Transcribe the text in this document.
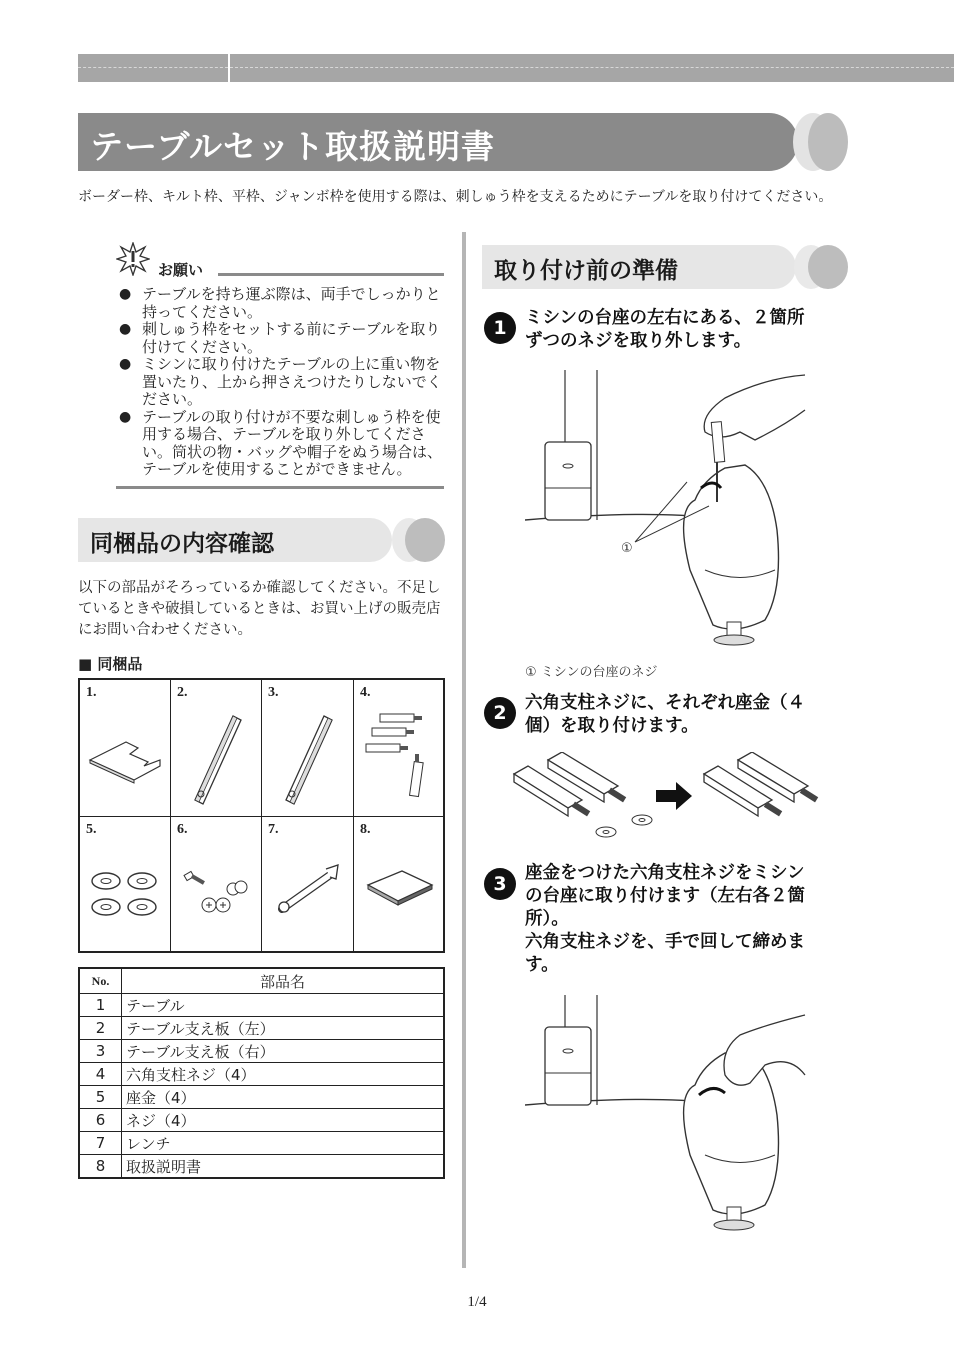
テーブルセット取扱説明書
ボーダー枠、キルト枠、平枠、ジャンボ枠を使用する際は、刺しゅう枠を支えるためにテーブルを取り付けてください。
お願い
● テーブルを持ち運ぶ際は、両手でしっかりと持ってください。
● 刺しゅう枠をセットする前にテーブルを取り付けてください。
● ミシンに取り付けたテーブルの上に重い物を置いたり、上から押さえつけたりしないでください。
● テーブルの取り付けが不要な刺しゅう枠を使用する場合、テーブルを取り外してください。筒状の物・バッグや帽子をぬう場合は、テーブルを使用することができません。
同梱品の内容確認
以下の部品がそろっているか確認してください。不足しているときや破損しているときは、お買い上げの販売店にお問い合わせください。
■ 同梱品
1.	2.	3.	4.
5.	6.	7.	8.
No.	部品名
1	テーブル
2	テーブル支え板（左）
3	テーブル支え板（右）
4	六角支柱ネジ（4）
5	座金（4）
6	ネジ（4）
7	レンチ
8	取扱説明書
取り付け前の準備
1	ミシンの台座の左右にある、２箇所
ずつのネジを取り外します。
①
① ミシンの台座のネジ
2	六角支柱ネジに、それぞれ座金（４
個）を取り付けます。
3	座金をつけた六角支柱ネジをミシン
の台座に取り付けます（左右各２箇
所）。
六角支柱ネジを、手で回して締めま
す。
1/4
